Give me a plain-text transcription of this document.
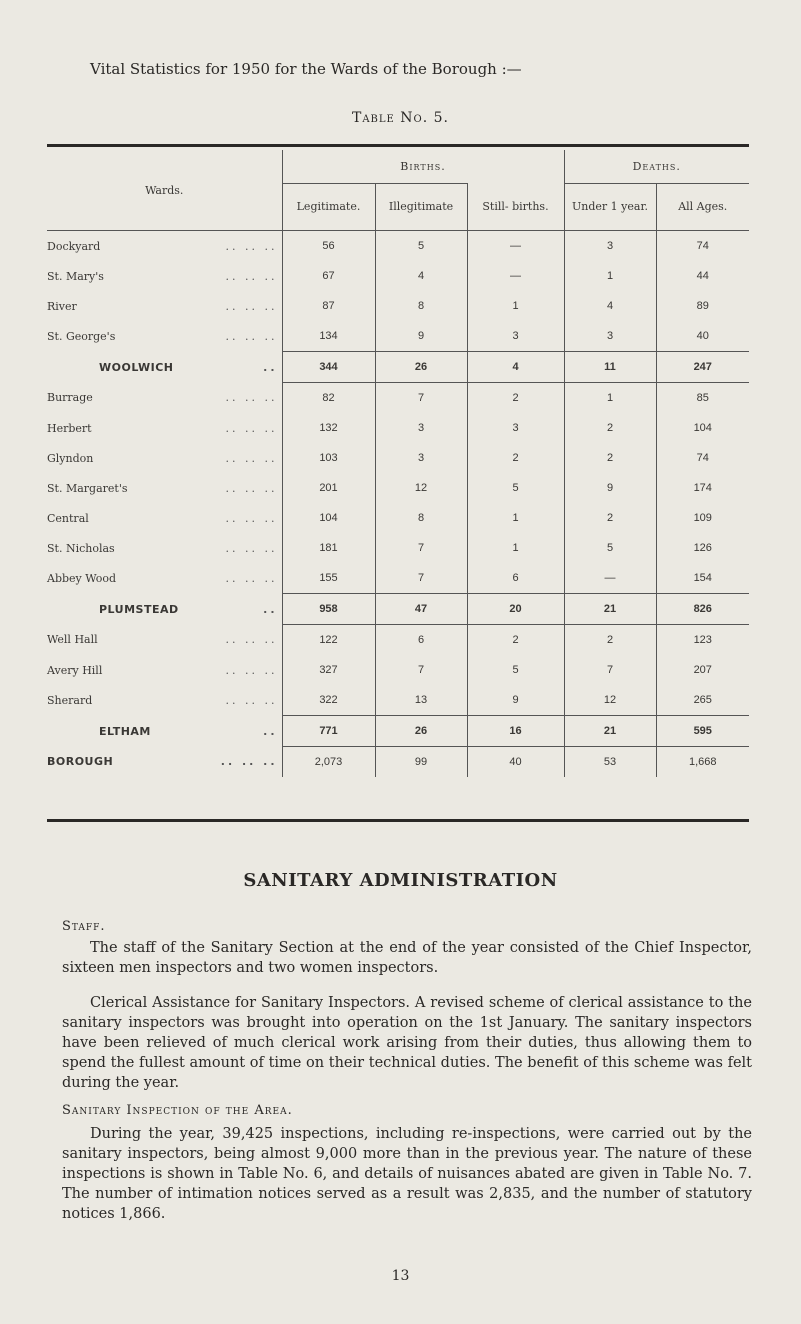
Vital Statistics for 1950 for the Wards of the Borough :—
Table No. 5.
Wards.	Births.			Deaths.	
	Legitimate.	Illegitimate	Still- births.	Under 1 year.	All Ages.
Dockyard .. .. ..	56	5	—	3	74
St. Mary's .. .. ..	67	4	—	1	44
River .. .. ..	87	8	1	4	89
St. George's .. .. ..	134	9	3	3	40
WOOLWICH ..	344	26	4	11	247
Burrage .. .. ..	82	7	2	1	85
Herbert .. .. ..	132	3	3	2	104
Glyndon .. .. ..	103	3	2	2	74
St. Margaret's .. .. ..	201	12	5	9	174
Central .. .. ..	104	8	1	2	109
St. Nicholas .. .. ..	181	7	1	5	126
Abbey Wood .. .. ..	155	7	6	—	154
PLUMSTEAD ..	958	47	20	21	826
Well Hall .. .. ..	122	6	2	2	123
Avery Hill .. .. ..	327	7	5	7	207
Sherard .. .. ..	322	13	9	12	265
ELTHAM ..	771	26	16	21	595
BOROUGH .. .. ..	2,073	99	40	53	1,668
SANITARY ADMINISTRATION
Staff.
The staff of the Sanitary Section at the end of the year consisted of the Chief Inspector, sixteen men inspectors and two women inspectors.
Clerical Assistance for Sanitary Inspectors. A revised scheme of clerical assistance to the sanitary inspectors was brought into operation on the 1st January. The sanitary inspectors have been relieved of much clerical work arising from their duties, thus allowing them to spend the fullest amount of time on their technical duties. The benefit of this scheme was felt during the year.
Sanitary Inspection of the Area.
During the year, 39,425 inspections, including re-inspections, were carried out by the sanitary inspectors, being almost 9,000 more than in the previous year. The nature of these inspections is shown in Table No. 6, and details of nuisances abated are given in Table No. 7. The number of intimation notices served as a result was 2,835, and the number of statutory notices 1,866.
13
